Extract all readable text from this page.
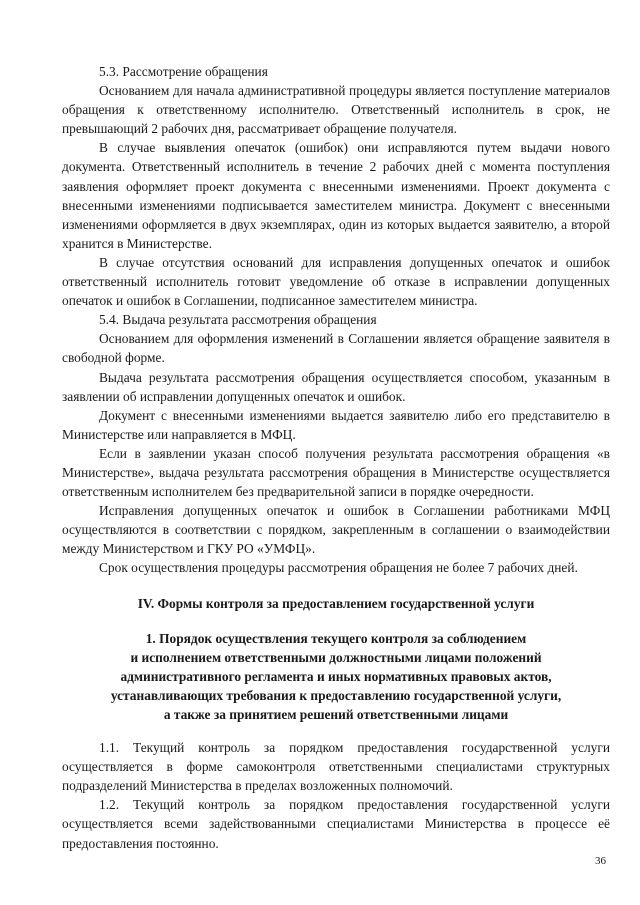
5.3. Рассмотрение обращения

Основанием для начала административной процедуры является поступление материалов обращения к ответственному исполнителю. Ответственный исполнитель в срок, не превышающий 2 рабочих дня, рассматривает обращение получателя.

В случае выявления опечаток (ошибок) они исправляются путем выдачи нового документа. Ответственный исполнитель в течение 2 рабочих дней с момента поступления заявления оформляет проект документа с внесенными изменениями. Проект документа с внесенными изменениями подписывается заместителем министра. Документ с внесенными изменениями оформляется в двух экземплярах, один из которых выдается заявителю, а второй хранится в Министерстве.

В случае отсутствия оснований для исправления допущенных опечаток и ошибок ответственный исполнитель готовит уведомление об отказе в исправлении допущенных опечаток и ошибок в Соглашении, подписанное заместителем министра.

5.4. Выдача результата рассмотрения обращения

Основанием для оформления изменений в Соглашении является обращение заявителя в свободной форме.

Выдача результата рассмотрения обращения осуществляется способом, указанным в заявлении об исправлении допущенных опечаток и ошибок.

Документ с внесенными изменениями выдается заявителю либо его представителю в Министерстве или направляется в МФЦ.

Если в заявлении указан способ получения результата рассмотрения обращения «в Министерстве», выдача результата рассмотрения обращения в Министерстве осуществляется ответственным исполнителем без предварительной записи в порядке очередности.

Исправления допущенных опечаток и ошибок в Соглашении работниками МФЦ осуществляются в соответствии с порядком, закрепленным в соглашении о взаимодействии между Министерством и ГКУ РО «УМФЦ».

Срок осуществления процедуры рассмотрения обращения не более 7 рабочих дней.

IV. Формы контроля за предоставлением государственной услуги

1. Порядок осуществления текущего контроля за соблюдением
и исполнением ответственными должностными лицами положений
административного регламента и иных нормативных правовых актов,
устанавливающих требования к предоставлению государственной услуги,
а также за принятием решений ответственными лицами

1.1. Текущий контроль за порядком предоставления государственной услуги осуществляется в форме самоконтроля ответственными специалистами структурных подразделений Министерства в пределах возложенных полномочий.

1.2. Текущий контроль за порядком предоставления государственной услуги осуществляется всеми задействованными специалистами Министерства в процессе её предоставления постоянно.

36
